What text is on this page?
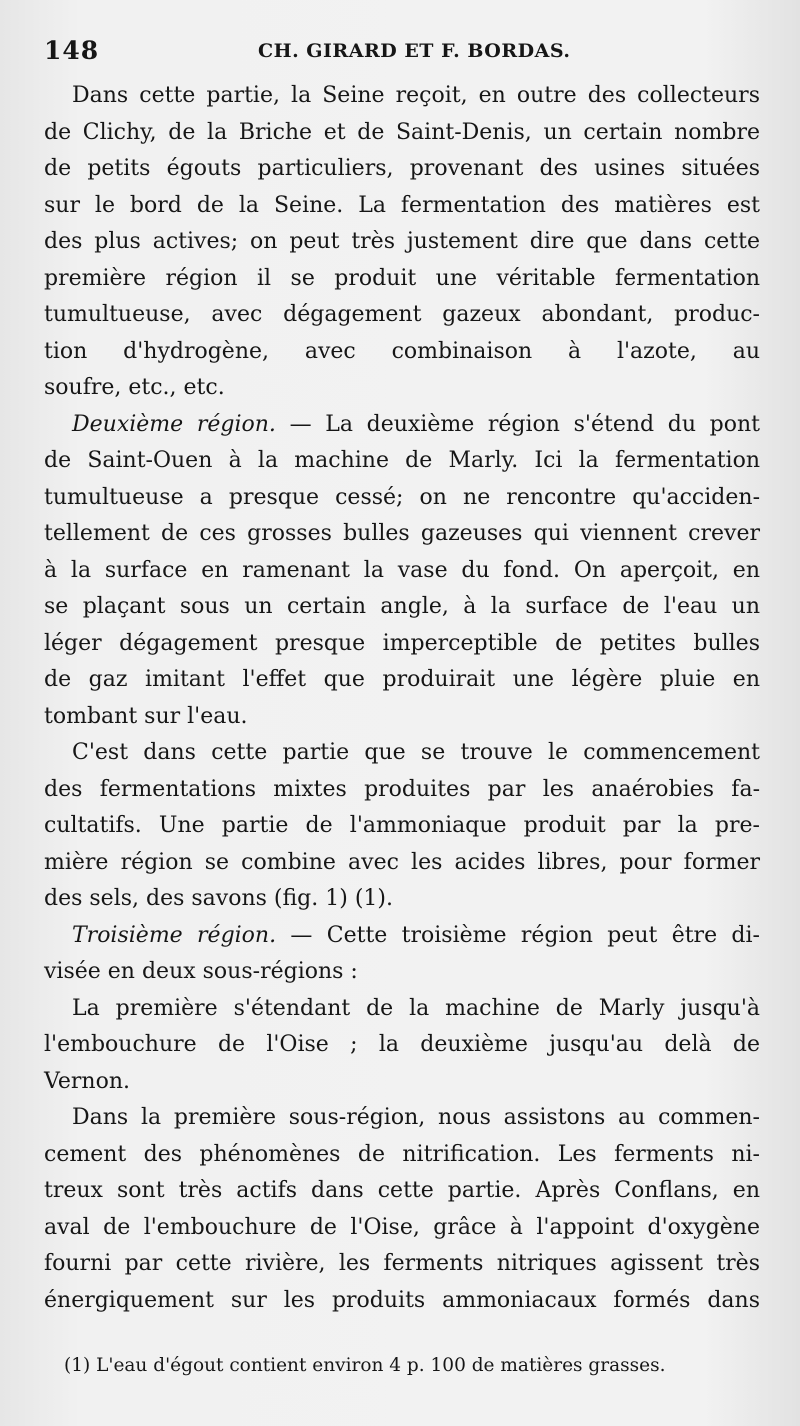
148	CH. GIRARD ET F. BORDAS.
Dans cette partie, la Seine reçoit, en outre des collecteurs
de Clichy, de la Briche et de Saint-Denis, un certain nombre
de petits égouts particuliers, provenant des usines situées
sur le bord de la Seine. La fermentation des matières est
des plus actives; on peut très justement dire que dans cette
première région il se produit une véritable fermentation
tumultueuse, avec dégagement gazeux abondant, produc-
tion d'hydrogène, avec combinaison à l'azote, au
soufre, etc., etc.
Deuxième région. — La deuxième région s'étend du pont
de Saint-Ouen à la machine de Marly. Ici la fermentation
tumultueuse a presque cessé; on ne rencontre qu'acciden-
tellement de ces grosses bulles gazeuses qui viennent crever
à la surface en ramenant la vase du fond. On aperçoit, en
se plaçant sous un certain angle, à la surface de l'eau un
léger dégagement presque imperceptible de petites bulles
de gaz imitant l'effet que produirait une légère pluie en
tombant sur l'eau.
C'est dans cette partie que se trouve le commencement
des fermentations mixtes produites par les anaérobies fa-
cultatifs. Une partie de l'ammoniaque produit par la pre-
mière région se combine avec les acides libres, pour former
des sels, des savons (fig. 1) (1).
Troisième région. — Cette troisième région peut être di-
visée en deux sous-régions :
La première s'étendant de la machine de Marly jusqu'à
l'embouchure de l'Oise ; la deuxième jusqu'au delà de
Vernon.
Dans la première sous-région, nous assistons au commen-
cement des phénomènes de nitrification. Les ferments ni-
treux sont très actifs dans cette partie. Après Conflans, en
aval de l'embouchure de l'Oise, grâce à l'appoint d'oxygène
fourni par cette rivière, les ferments nitriques agissent très
énergiquement sur les produits ammoniacaux formés dans
(1) L'eau d'égout contient environ 4 p. 100 de matières grasses.
